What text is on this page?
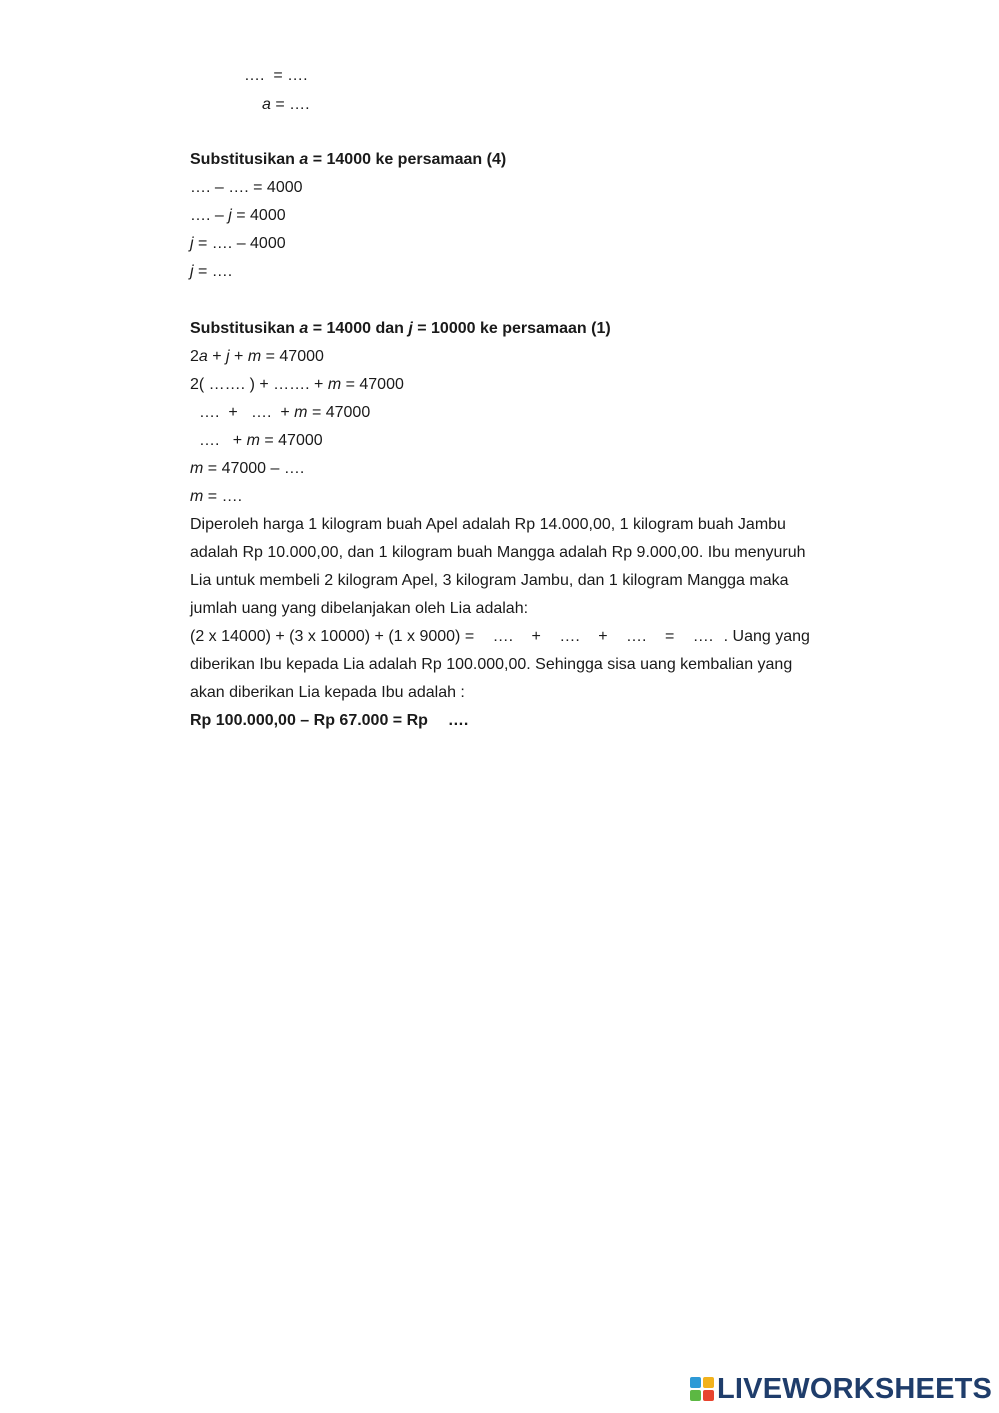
…. = ….
a = ….
Substitusikan a = 14000 ke persamaan (4)
…. – …. = 4000
…. – j = 4000
j = …. – 4000
j = ….
Substitusikan a = 14000 dan j = 10000 ke persamaan (1)
2a + j + m = 47000
2( ……. ) + ……. + m = 47000
…. + …. + m = 47000
…. + m = 47000
m = 47000 – ….
m = ….
Diperoleh harga 1 kilogram buah Apel adalah Rp 14.000,00, 1 kilogram buah Jambu
adalah Rp 10.000,00, dan 1 kilogram buah Mangga adalah Rp 9.000,00. Ibu menyuruh
Lia untuk membeli 2 kilogram Apel, 3 kilogram Jambu, dan 1 kilogram Mangga maka
jumlah uang yang dibelanjakan oleh Lia adalah:
(2 x 14000) + (3 x 10000) + (1 x 9000) = …. + …. + …. = …. . Uang yang
diberikan Ibu kepada Lia adalah Rp 100.000,00. Sehingga sisa uang kembalian yang
akan diberikan Lia kepada Ibu adalah :
Rp 100.000,00 – Rp 67.000 = Rp ….
LIVEWORKSHEETS
